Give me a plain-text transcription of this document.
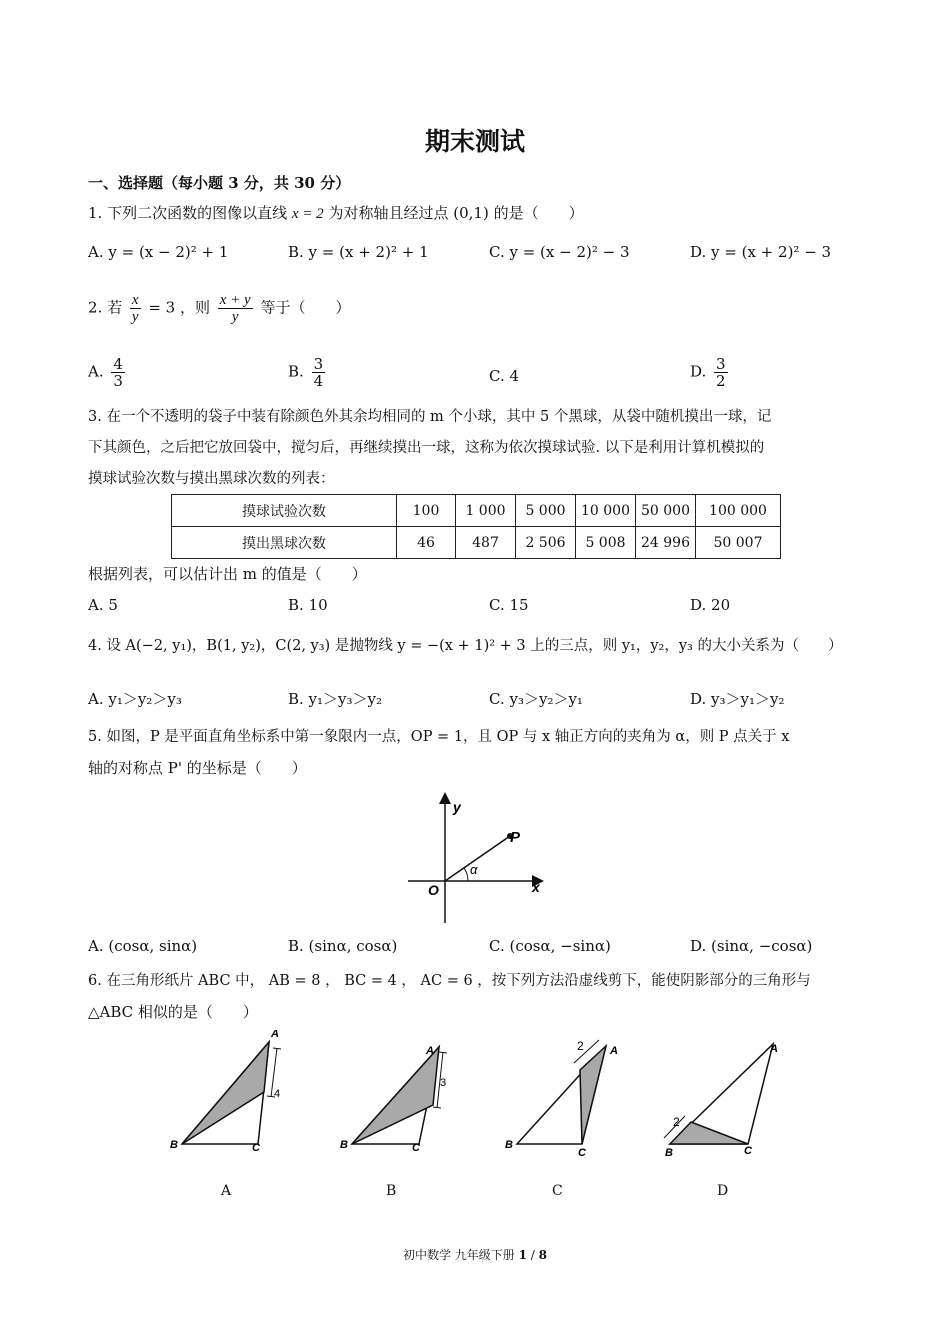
期末测试
一、选择题（每小题 3 分，共 30 分）
1. 下列二次函数的图像以直线 x = 2 为对称轴且经过点 (0,1) 的是（　　）
A. y = (x − 2)² + 1	B. y = (x + 2)² + 1	C. y = (x − 2)² − 3	D. y = (x + 2)² − 3
2. 若 $\frac{x}{y} = 3$ ，则 $\frac{x + y}{y}$ 等于（　　）
A. $\frac{4}{3}$	B. $\frac{3}{4}$	C. 4	D. $\frac{3}{2}$
3. 在一个不透明的袋子中装有除颜色外其余均相同的 m 个小球，其中 5 个黑球，从袋中随机摸出一球，记
下其颜色，之后把它放回袋中，搅匀后，再继续摸出一球，这称为依次摸球试验. 以下是利用计算机模拟的
摸球试验次数与摸出黑球次数的列表：
摸球试验次数	100	1 000	5 000	10 000	50 000	100 000
摸出黑球次数	46	487	2 506	5 008	24 996	50 007
根据列表，可以估计出 m 的值是（　　）
A. 5	B. 10	C. 15	D. 20
4. 设 A(−2, y₁)，B(1, y₂)，C(2, y₃) 是抛物线 y = −(x + 1)² + 3 上的三点，则 y₁，y₂，y₃ 的大小关系为（　　）
A. y₁＞y₂＞y₃	B. y₁＞y₃＞y₂	C. y₃＞y₂＞y₁	D. y₃＞y₁＞y₂
5. 如图，P 是平面直角坐标系中第一象限内一点，OP = 1，且 OP 与 x 轴正方向的夹角为 α，则 P 点关于 x
轴的对称点 P' 的坐标是（　　）
y
x
O
P
α
A. (cosα, sinα)	B. (sinα, cosα)	C. (cosα, −sinα)	D. (sinα, −cosα)
6. 在三角形纸片 ABC 中， AB = 8 ， BC = 4 ， AC = 6 ，按下列方法沿虚线剪下，能使阴影部分的三角形与
△ABC 相似的是（　　）
A
B	C
4
A
A
B	C
3
B
A
B
C
2
C
A
B	C
2
D
初中数学 九年级下册 1 / 8
